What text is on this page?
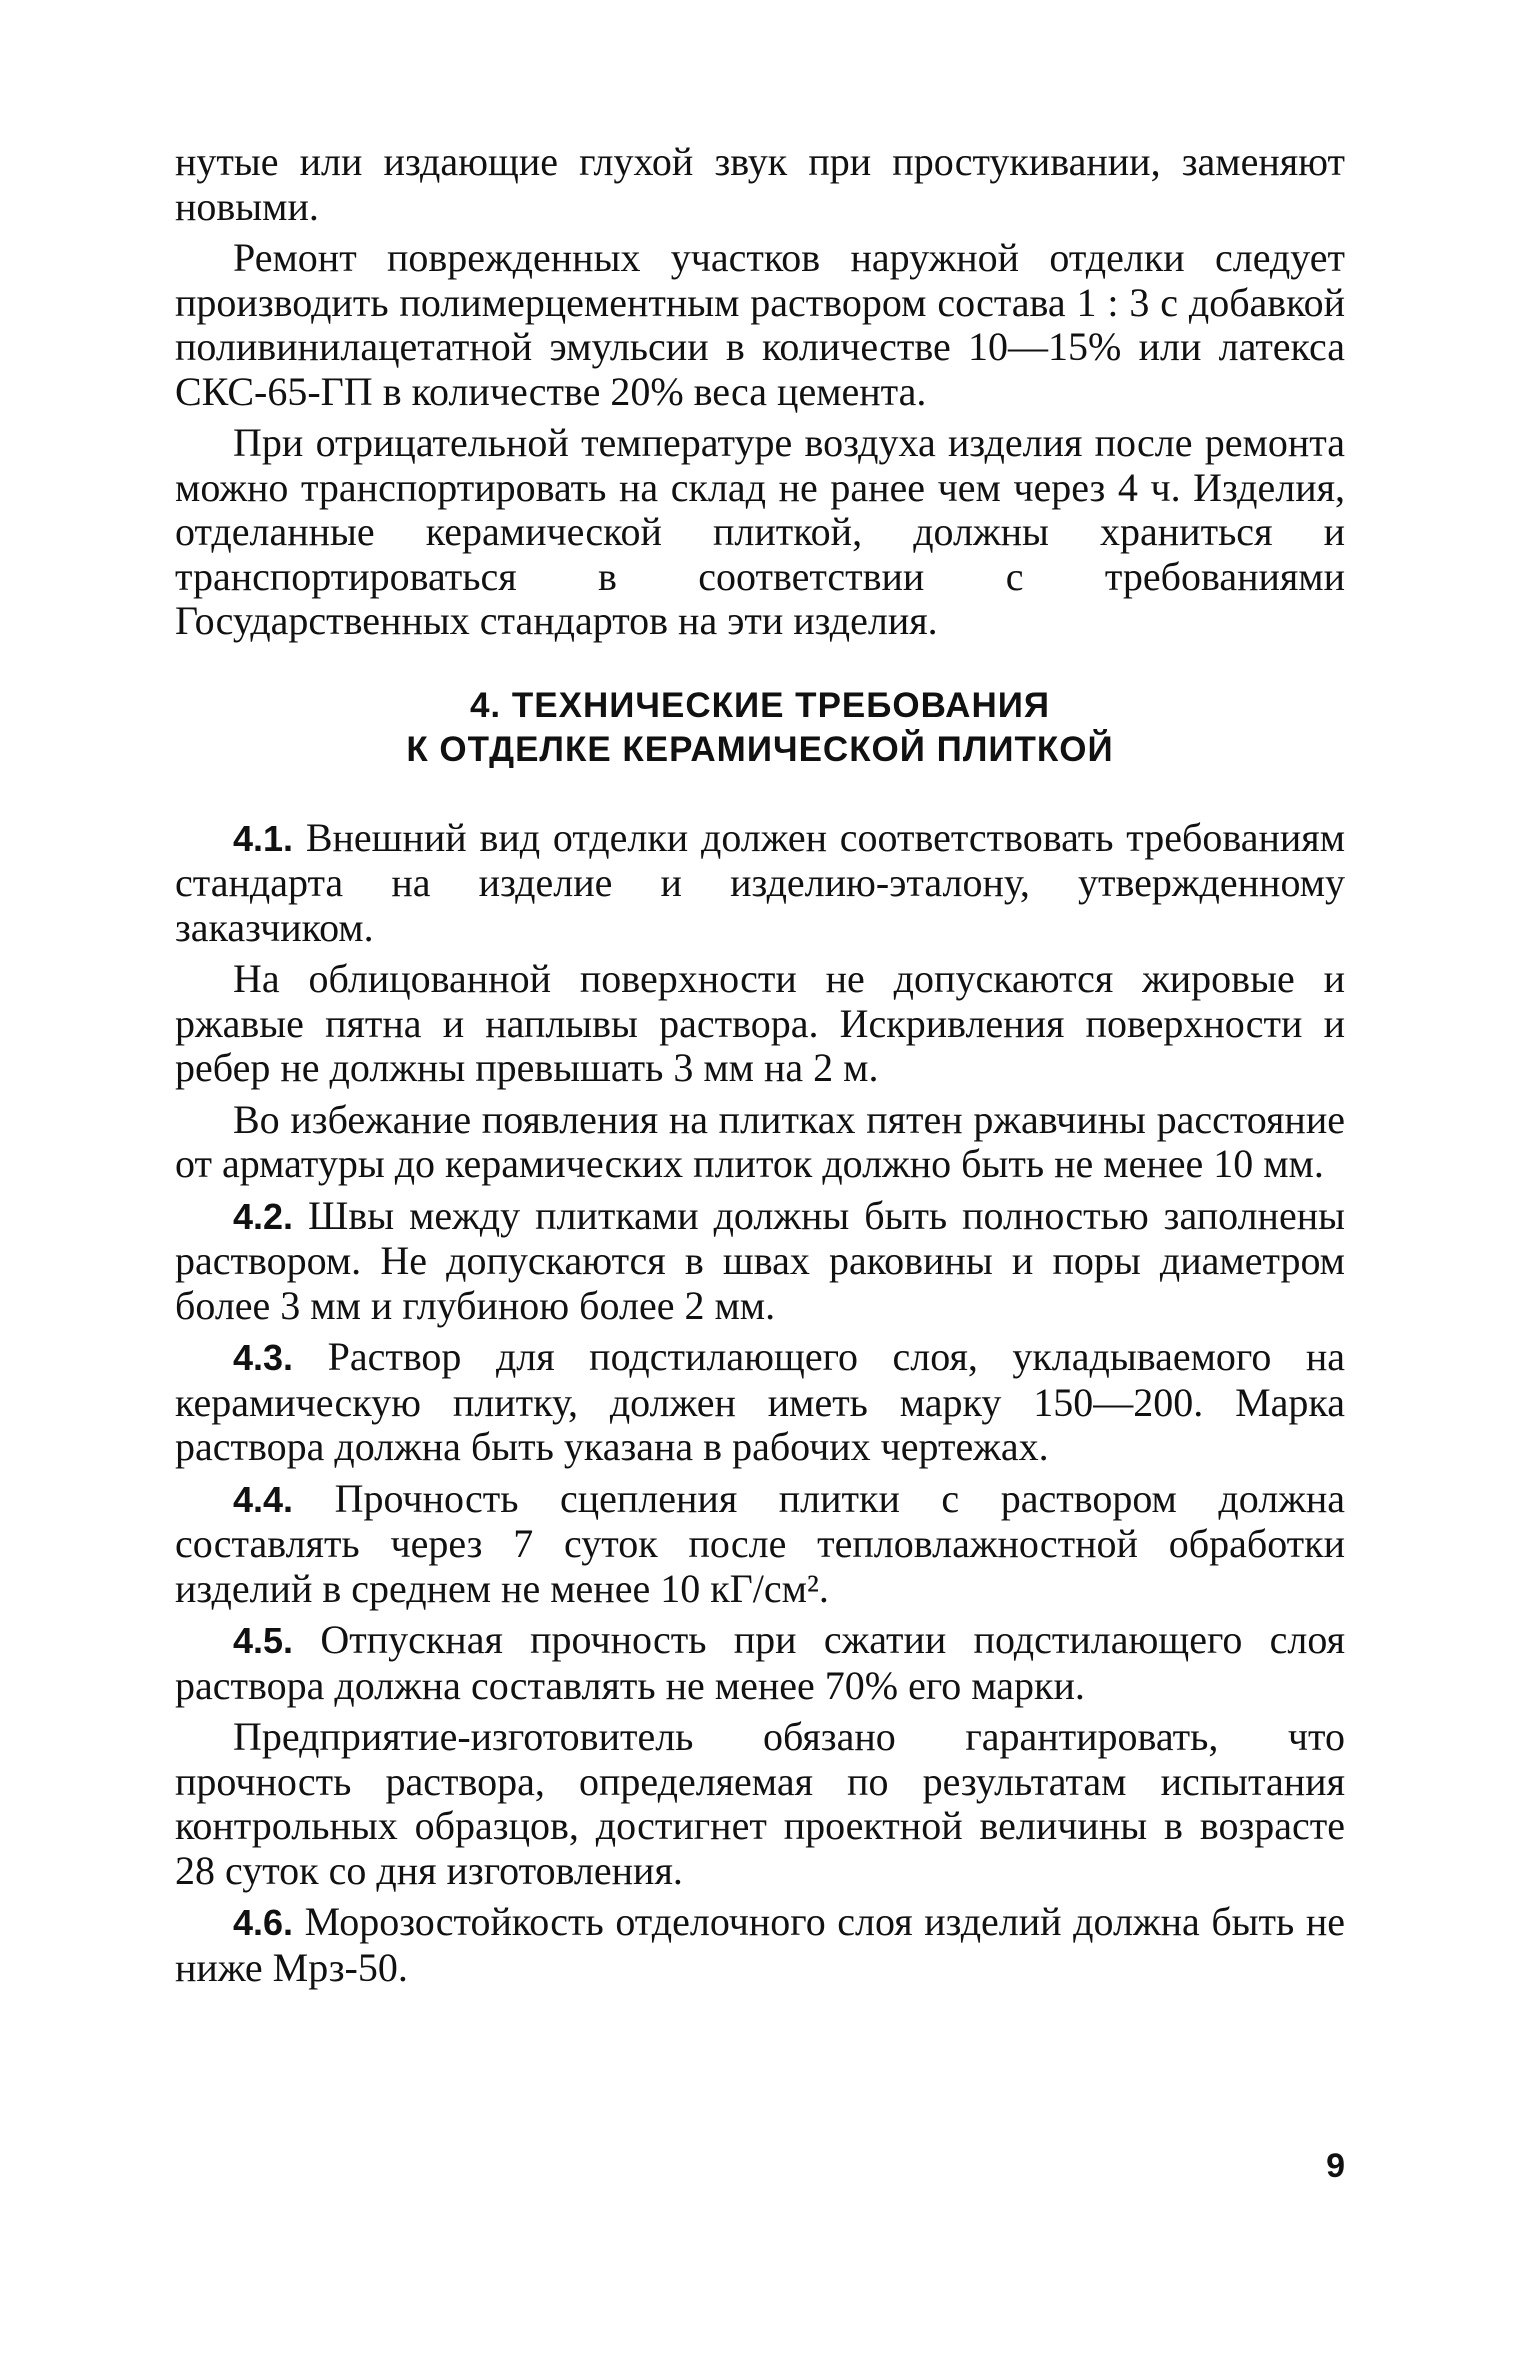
нутые или издающие глухой звук при простукивании, заменяют новыми.

Ремонт поврежденных участков наружной отделки следует производить полимерцементным раствором состава 1 : 3 с добавкой поливинилацетатной эмульсии в количестве 10—15% или латекса СКС-65-ГП в количестве 20% веса цемента.

При отрицательной температуре воздуха изделия после ремонта можно транспортировать на склад не ранее чем через 4 ч. Изделия, отделанные керамической плиткой, должны храниться и транспортироваться в соответствии с требованиями Государственных стандартов на эти изделия.

4. ТЕХНИЧЕСКИЕ ТРЕБОВАНИЯ
К ОТДЕЛКЕ КЕРАМИЧЕСКОЙ ПЛИТКОЙ

4.1. Внешний вид отделки должен соответствовать требованиям стандарта на изделие и изделию-эталону, утвержденному заказчиком.

На облицованной поверхности не допускаются жировые и ржавые пятна и наплывы раствора. Искривления поверхности и ребер не должны превышать 3 мм на 2 м.

Во избежание появления на плитках пятен ржавчины расстояние от арматуры до керамических плиток должно быть не менее 10 мм.

4.2. Швы между плитками должны быть полностью заполнены раствором. Не допускаются в швах раковины и поры диаметром более 3 мм и глубиною более 2 мм.

4.3. Раствор для подстилающего слоя, укладываемого на керамическую плитку, должен иметь марку 150—200. Марка раствора должна быть указана в рабочих чертежах.

4.4. Прочность сцепления плитки с раствором должна составлять через 7 суток после тепловлажностной обработки изделий в среднем не менее 10 кГ/см².

4.5. Отпускная прочность при сжатии подстилающего слоя раствора должна составлять не менее 70% его марки.

Предприятие-изготовитель обязано гарантировать, что прочность раствора, определяемая по результатам испытания контрольных образцов, достигнет проектной величины в возрасте 28 суток со дня изготовления.

4.6. Морозостойкость отделочного слоя изделий должна быть не ниже Мрз-50.

9
